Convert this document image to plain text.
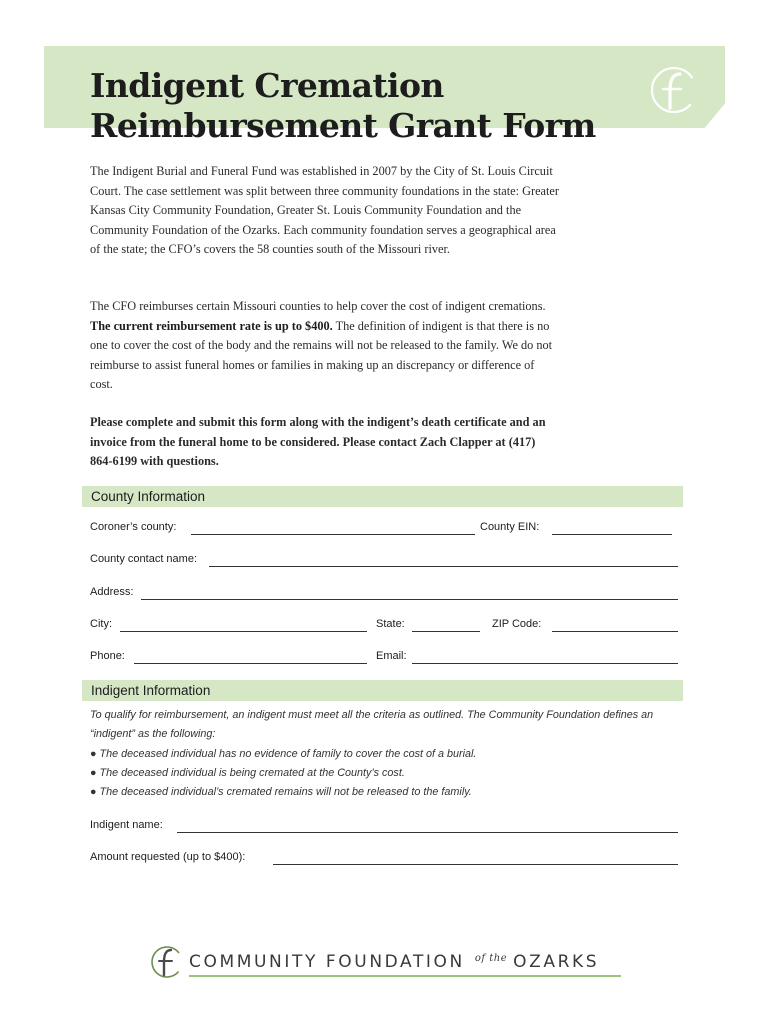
Indigent Cremation
Reimbursement Grant Form

The Indigent Burial and Funeral Fund was established in 2007 by the City of St. Louis Circuit Court. The case settlement was split between three community foundations in the state: Greater Kansas City Community Foundation, Greater St. Louis Community Foundation and the Community Foundation of the Ozarks. Each community foundation serves a geographical area of the state; the CFO’s covers the 58 counties south of the Missouri river.

The CFO reimburses certain Missouri counties to help cover the cost of indigent cremations. The current reimbursement rate is up to $400. The definition of indigent is that there is no one to cover the cost of the body and the remains will not be released to the family. We do not reimburse to assist funeral homes or families in making up an discrepancy or difference of cost.

Please complete and submit this form along with the indigent’s death certificate and an invoice from the funeral home to be considered. Please contact Zach Clapper at (417) 864-6199 with questions.

County Information
Coroner’s county:	County EIN:
County contact name:
Address:
City:	State:	ZIP Code:
Phone:	Email:
Indigent Information

To qualify for reimbursement, an indigent must meet all the criteria as outlined. The Community Foundation defines an “indigent” as the following:
● The deceased individual has no evidence of family to cover the cost of a burial.
● The deceased individual is being cremated at the County’s cost.
● The deceased individual’s cremated remains will not be released to the family.

Indigent name:
Amount requested (up to $400):
COMMUNITY FOUNDATION $^{of the}$ OZARKS
